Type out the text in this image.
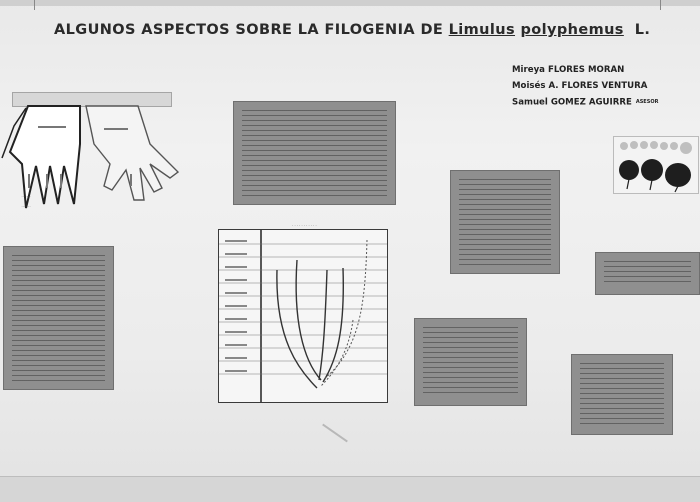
ALGUNOS ASPECTOS SOBRE LA FILOGENIA DE Limulus polyphemus L.
Mireya FLORES MORAN
Moisés A. FLORES VENTURA
Samuel GOMEZ AGUIRRE ASESOR
·······
·······
···········
